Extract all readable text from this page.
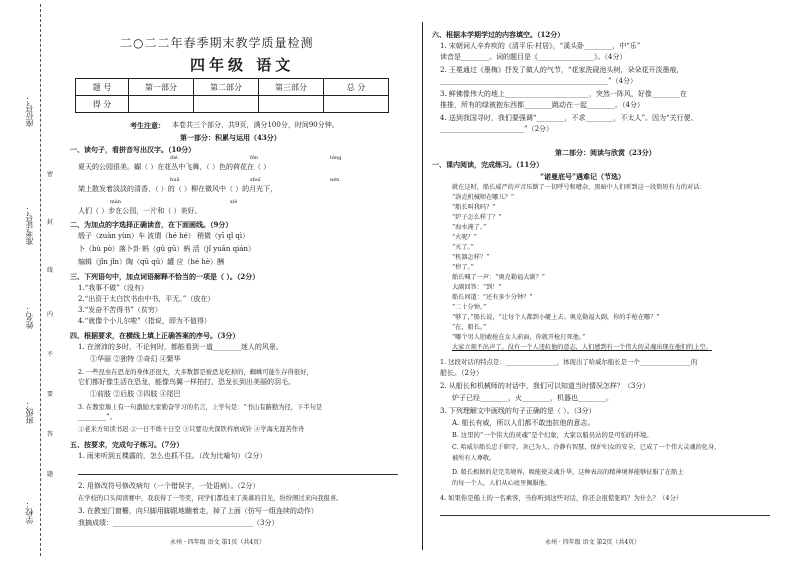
座位号：
准考证号：
姓名：
班级：
学校：
密
封
线
内
不
要
答
题
二○二二年春季期末教学质量检测
四年级 语文
题 号	第一部分	第二部分	第三部分	总 分
得 分				
考生注意： 本卷共三个部分，共9页，满分100分，时间90分钟。
第一部分：积累与运用（43分）
一、读句子，看拼音写出汉字。（10分）
dié	fěn	téng
夏天的公园很美。蝴（ ）在花丛中飞舞，（ ）色的荷花在（ ）
huā	shuǐ	nèn
架上散发着淡淡的清香，（ ）的（ ）柳在微风中（ ）的月光下，
mán	xiè
人们（ ）步在公园，一片和（ ）美好。
二、为加点的字选择正确读音，在下面画线。（9分）
缎子（zuàn yùn）车 波谓（hé hé） 稍微（yī qǐ qì）
卜（bù pò）落卜卦 蚂（gǔ gū）蚂 活（jǐ yuān qián）
编辑（jǐn jǐn）陶（qū qǔ）罐 应（hé hè）酬
三、下列语句中，加点词语解释不恰当的一项是（ ）。（2分）
1.“我事不做”（没有）
2.“出资于太白饮书由中书，平无。”（放在）
3.“发奋不苦得书”（贫穷）
4.“就像个小儿尔啦”（指说，即为不值得）
四、根据要求，在横线上填上正确答案的序号。（3分）
1. 在滂沛的多时，不论何时，都能看到一道________迷人的风景。
①华丽 ②独特 ③奇幻 ④繁华
2. 一些昆虫在恐龙的身体还很大，大多数都是被恐龙吃掉的，蜘蛛可能生存得很好，
它们都好像生活在恐龙，能像鸟翼一样拍打，恐龙长到出美丽的羽毛。
①前肢 ②后肢 ③四肢 ④尾巴
3. 在教室墙上有一句激励大家勤奋学习的名言，上学句是：“书山有路勤为径，下半句是
________”。
①老来方知读书迟 ②一日不练十日空 ③只要功夫深铁杵磨成针 ④学海无涯苦作舟
五、按要求，完成句子练习。（7分）
1. 雨来听到五棵露的，怎么也抓不住。（改为比喻句）（2分）
2. 用修改符号修改病句（一个错误字，一处语病）。（2分）
在学校的口头阅读赛中，我获得了一等奖，同学们都投来了羡慕的目光，纷纷围过来向我报喜。
3. 在教室门窗栅，向只脚用脚跟地蹦着走，掉了上面（仿写一组连续的动作）
我摘成绩：________________________________________（3分）
永州 · 四年级 语文 第1页（共4页）
六、根据本学期学过的内容填空。（12分）
1. 宋朝词人辛弃疾的《清平乐·村居》，“溪头卧________，中“乐”
读音是________。词的题目是《________________》。（4分）
2. 王冕通过《墨梅》抒发了做人的气节，“花家洗砚池头树，朵朵花开淡墨痕，
________________________________________________”（4分）
3. 鲜佛像伟大的地上________________________，突然一阵风，好像________在
推推，所有的绿被抱东西都________跳动在一起________。（4分）
4. 送到我国寻时，我们要强调“________，不求________，不太人”。因为“关行便、
________________________”（2分）
第二部分：阅读与欣赏（23分）
一、课内阅读，完成练习。（11分）
“诺曼底号”遇难记（节选）
就在这时，船长威严的声音压倒了一切呼号和嘈杂，黑暗中人们听到这一段简短有力的对话：
“洛克机械师在哪儿？”
“船长叫我吗？”
“炉子怎么样了？”
“海水淹了。”
“火呢？”
“灭了。”
“机器怎样？”
“停了。”
船长喊了一声：“奥克勒福大副？”
大副回答：“到！”
船长问道：“还有多少分钟？”
“二十分钟。”
“够了，”船长说，“让每个人都到小艇上去。奥克勒福大副，你的手枪在哪？”
“在，船长。”
“哪个男人胆敢抢在女人前面，你就开枪打死他。”
大家立刻不出声了。没有一个人违抗他的意志，人们感到有一个伟大的灵魂出现在他们的上空。
1. 这段对话的特点是：________________，体现出了哈威尔船长是一个________________的
船长。（2分）
2. 从船长和机械师的对话中，我们可以知道当时情况怎样？（3分）
炉子已经________，火________，机器也________。
3. 下列理解文中画线的句子正确的是（ ）。（3分）
A. 船长有威，所以人们都不敢违抗他的意志。
B. 这里的“一个伟大的灵魂”是个幻象，大家以船员站的是可怕的环境。
C. 哈威尔船长忠于职守，舍己为人，冷静有智慧，保护妇女的安全，已成了一个伟大灵魂的化身，
被所有人尊敬。
D. 船长根据的是完美境界，吸能使灵魂升华，这种表高的精神境界能够征服了在船上
的每一个人，人们从心底里佩服他。
4. 如果你是船上的一名乘客，当你听到这些对话，你还会很慌张吗？为什么？（4分）
永州 · 四年级 语文 第2页（共4页）
